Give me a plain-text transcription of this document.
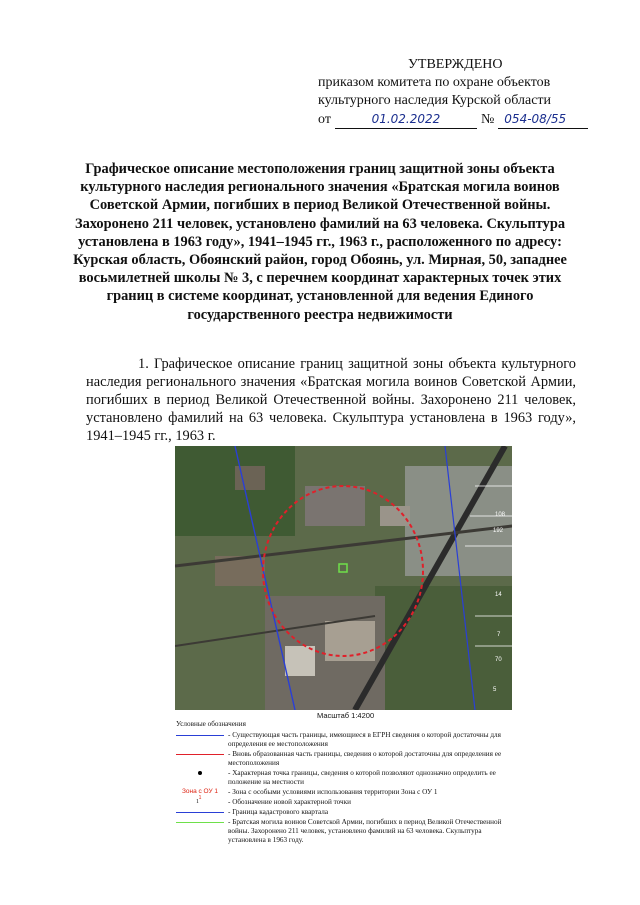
УТВЕРЖДЕНО
приказом комитета по охране объектов
культурного наследия Курской области
от	01.02.2022	№ 054-08/55
Графическое описание местоположения границ защитной зоны объекта культурного наследия регионального значения «Братская могила воинов Советской Армии, погибших в период Великой Отечественной войны. Захоронено 211 человек, установлено фамилий на 63 человека. Скульптура установлена в 1963 году», 1941–1945 гг., 1963 г., расположенного по адресу: Курская область, Обоянский район, город Обоянь, ул. Мирная, 50, западнее восьмилетней школы № 3, с перечнем координат характерных точек этих границ в системе координат, установленной для ведения Единого государственного реестра недвижимости
1. Графическое описание границ защитной зоны объекта культурного наследия регионального значения «Братская могила воинов Советской Армии, погибших в период Великой Отечественной войны. Захоронено 211 человек, установлено фамилий на 63 человека. Скульптура установлена в 1963 году», 1941–1945 гг., 1963 г.
192
108
14
7
70
5
Масштаб 1:4200
Условные обозначения
- Существующая часть границы, имеющиеся в ЕГРН сведения о которой достаточны для определения ее местоположения
- Вновь образованная часть границы, сведения о которой достаточны для определения ее местоположения
- Характерная точка границы, сведения о которой позволяют однозначно определить ее положение на местности
Зона с ОУ 1
1
- Зона с особыми условиями использования территории Зона с ОУ 1
1	- Обозначение новой характерной точки
- Граница кадастрового квартала
- Братская могила воинов Советской Армии, погибших в период Великой Отечественной войны. Захоронено 211 человек, установлено фамилий на 63 человека. Скульптура установлена в 1963 году.
